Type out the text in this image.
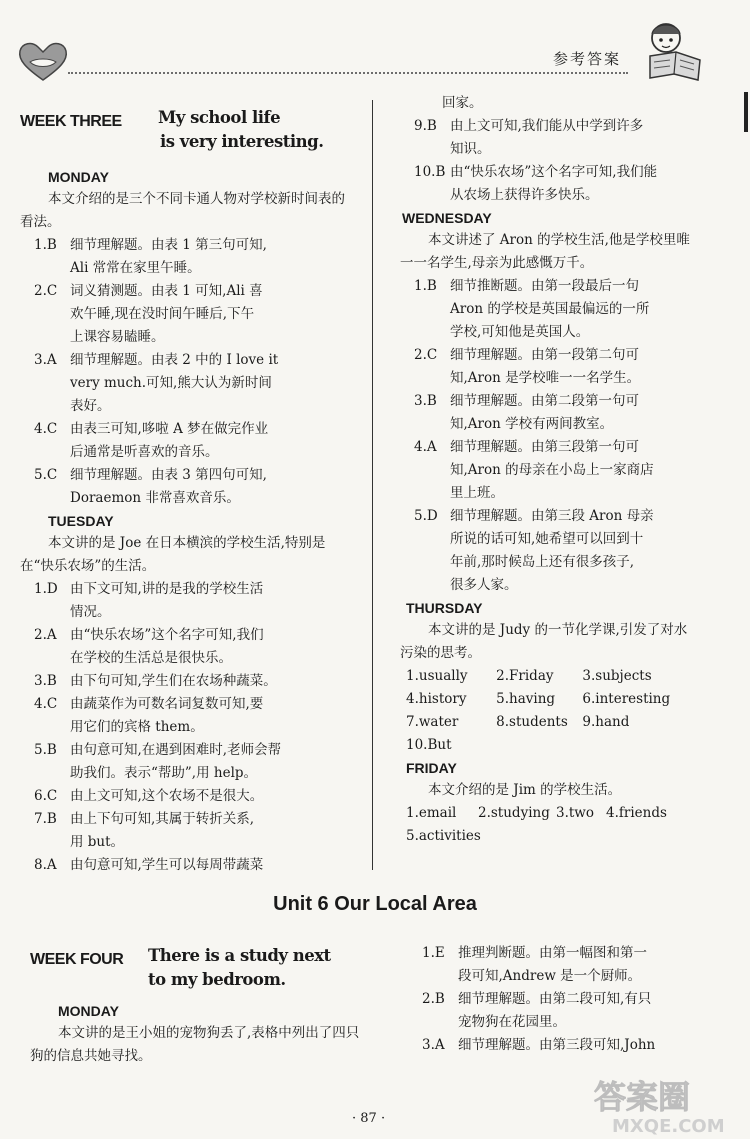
参考答案
WEEK THREE My school life
is very interesting.
MONDAY
本文介绍的是三个不同卡通人物对学校新时间表的看法。
1.B 细节理解题。由表 1 第三句可知,
Ali 常常在家里午睡。
2.C 词义猜测题。由表 1 可知,Ali 喜
欢午睡,现在没时间午睡后,下午
上课容易瞌睡。
3.A 细节理解题。由表 2 中的 I love it
very much.可知,熊大认为新时间
表好。
4.C 由表三可知,哆啦 A 梦在做完作业
后通常是听喜欢的音乐。
5.C 细节理解题。由表 3 第四句可知,
Doraemon 非常喜欢音乐。
TUESDAY
本文讲的是 Joe 在日本横滨的学校生活,特别是在“快乐农场”的生活。
1.D 由下文可知,讲的是我的学校生活
情况。
2.A 由“快乐农场”这个名字可知,我们
在学校的生活总是很快乐。
3.B 由下句可知,学生们在农场种蔬菜。
4.C 由蔬菜作为可数名词复数可知,要
用它们的宾格 them。
5.B 由句意可知,在遇到困难时,老师会帮
助我们。表示“帮助”,用 help。
6.C 由上文可知,这个农场不是很大。
7.B 由上下句可知,其属于转折关系,
用 but。
8.A 由句意可知,学生可以每周带蔬菜
回家。
9.B 由上文可知,我们能从中学到许多
知识。
10.B 由“快乐农场”这个名字可知,我们能
从农场上获得许多快乐。
WEDNESDAY
本文讲述了 Aron 的学校生活,他是学校里唯一一名学生,母亲为此感慨万千。
1.B 细节推断题。由第一段最后一句
Aron 的学校是英国最偏远的一所
学校,可知他是英国人。
2.C 细节理解题。由第一段第二句可
知,Aron 是学校唯一一名学生。
3.B 细节理解题。由第二段第一句可
知,Aron 学校有两间教室。
4.A 细节理解题。由第三段第一句可
知,Aron 的母亲在小岛上一家商店
里上班。
5.D 细节理解题。由第三段 Aron 母亲
所说的话可知,她希望可以回到十
年前,那时候岛上还有很多孩子,
很多人家。
THURSDAY
本文讲的是 Judy 的一节化学课,引发了对水污染的思考。
1.usually	2.Friday	3.subjects
4.history	5.having	6.interesting
7.water	8.students	9.hand
10.But
FRIDAY
本文介绍的是 Jim 的学校生活。
1.email	2.studying 3.two 4.friends
5.activities
Unit 6 Our Local Area
WEEK FOUR There is a study next
to my bedroom.
MONDAY
本文讲的是王小姐的宠物狗丢了,表格中列出了四只狗的信息共她寻找。
1.E 推理判断题。由第一幅图和第一
段可知,Andrew 是一个厨师。
2.B 细节理解题。由第二段可知,有只
宠物狗在花园里。
3.A 细节理解题。由第三段可知,John
· 87 ·
答案圈
MXQE.COM
